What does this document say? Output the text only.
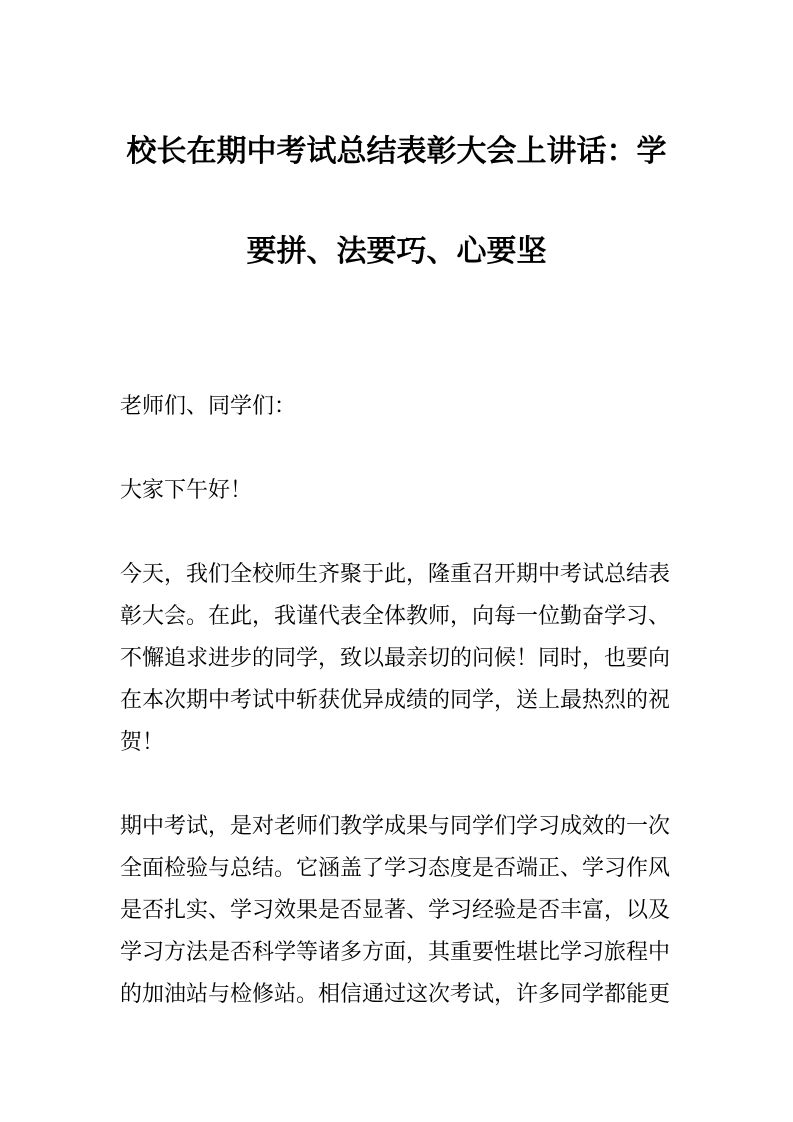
校长在期中考试总结表彰大会上讲话：学要拼、法要巧、心要坚

老师们、同学们：

大家下午好！

今天，我们全校师生齐聚于此，隆重召开期中考试总结表彰大会。在此，我谨代表全体教师，向每一位勤奋学习、不懈追求进步的同学，致以最亲切的问候！同时，也要向在本次期中考试中斩获优异成绩的同学，送上最热烈的祝贺！

期中考试，是对老师们教学成果与同学们学习成效的一次全面检验与总结。它涵盖了学习态度是否端正、学习作风是否扎实、学习效果是否显著、学习经验是否丰富，以及学习方法是否科学等诸多方面，其重要性堪比学习旅程中的加油站与检修站。相信通过这次考试，许多同学都能更
